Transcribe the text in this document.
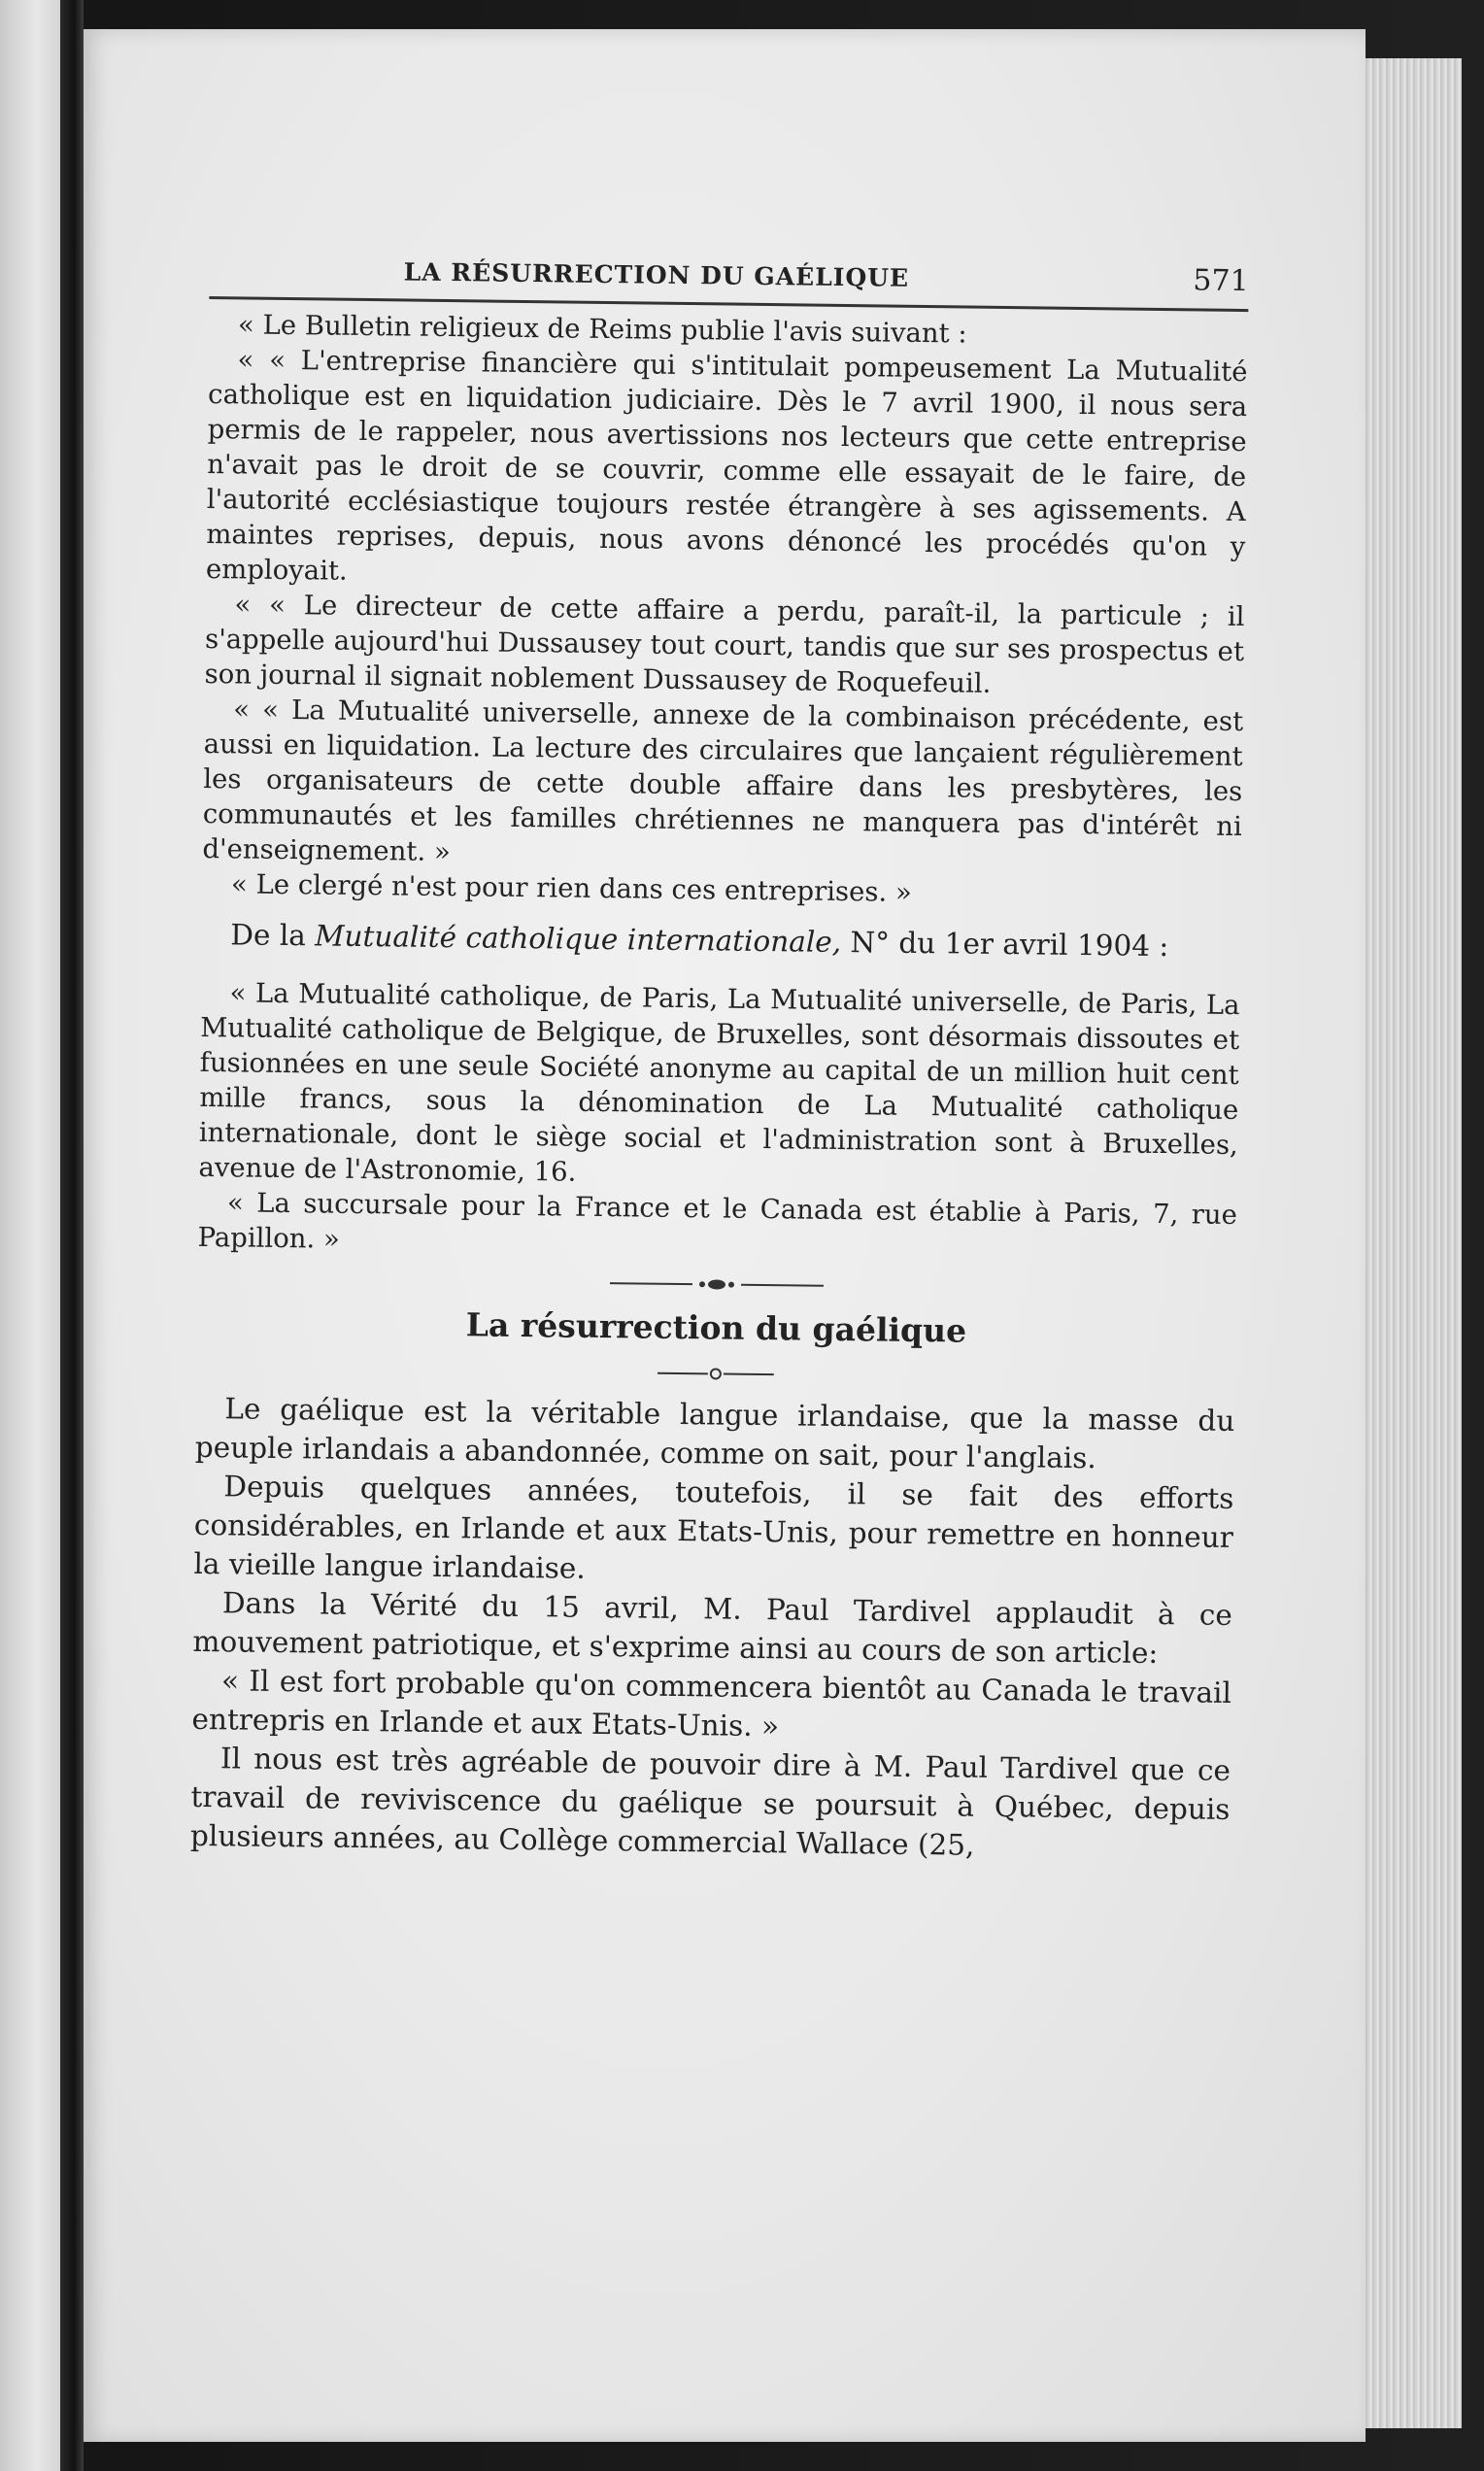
LA RÉSURRECTION DU GAÉLIQUE	571

« Le Bulletin religieux de Reims publie l'avis suivant :

« « L'entreprise financière qui s'intitulait pompeusement La Mutualité catholique est en liquidation judiciaire. Dès le 7 avril 1900, il nous sera permis de le rappeler, nous avertissions nos lecteurs que cette entreprise n'avait pas le droit de se couvrir, comme elle essayait de le faire, de l'autorité ecclésiastique toujours restée étrangère à ses agissements. A maintes reprises, depuis, nous avons dénoncé les procédés qu'on y employait.

« « Le directeur de cette affaire a perdu, paraît-il, la particule ; il s'appelle aujourd'hui Dussausey tout court, tandis que sur ses prospectus et son journal il signait noblement Dussausey de Roquefeuil.

« « La Mutualité universelle, annexe de la combinaison précédente, est aussi en liquidation. La lecture des circulaires que lançaient régulièrement les organisateurs de cette double affaire dans les presbytères, les communautés et les familles chrétiennes ne manquera pas d'intérêt ni d'enseignement. »

« Le clergé n'est pour rien dans ces entreprises. »

De la Mutualité catholique internationale, N° du 1er avril 1904 :

« La Mutualité catholique, de Paris, La Mutualité universelle, de Paris, La Mutualité catholique de Belgique, de Bruxelles, sont désormais dissoutes et fusionnées en une seule Société anonyme au capital de un million huit cent mille francs, sous la dénomination de La Mutualité catholique internationale, dont le siège social et l'administration sont à Bruxelles, avenue de l'Astronomie, 16.

« La succursale pour la France et le Canada est établie à Paris, 7, rue Papillon. »

La résurrection du gaélique

Le gaélique est la véritable langue irlandaise, que la masse du peuple irlandais a abandonnée, comme on sait, pour l'anglais.

Depuis quelques années, toutefois, il se fait des efforts considérables, en Irlande et aux Etats-Unis, pour remettre en honneur la vieille langue irlandaise.

Dans la Vérité du 15 avril, M. Paul Tardivel applaudit à ce mouvement patriotique, et s'exprime ainsi au cours de son article:

« Il est fort probable qu'on commencera bientôt au Canada le travail entrepris en Irlande et aux Etats-Unis. »

Il nous est très agréable de pouvoir dire à M. Paul Tardivel que ce travail de reviviscence du gaélique se poursuit à Québec, depuis plusieurs années, au Collège commercial Wallace (25,
